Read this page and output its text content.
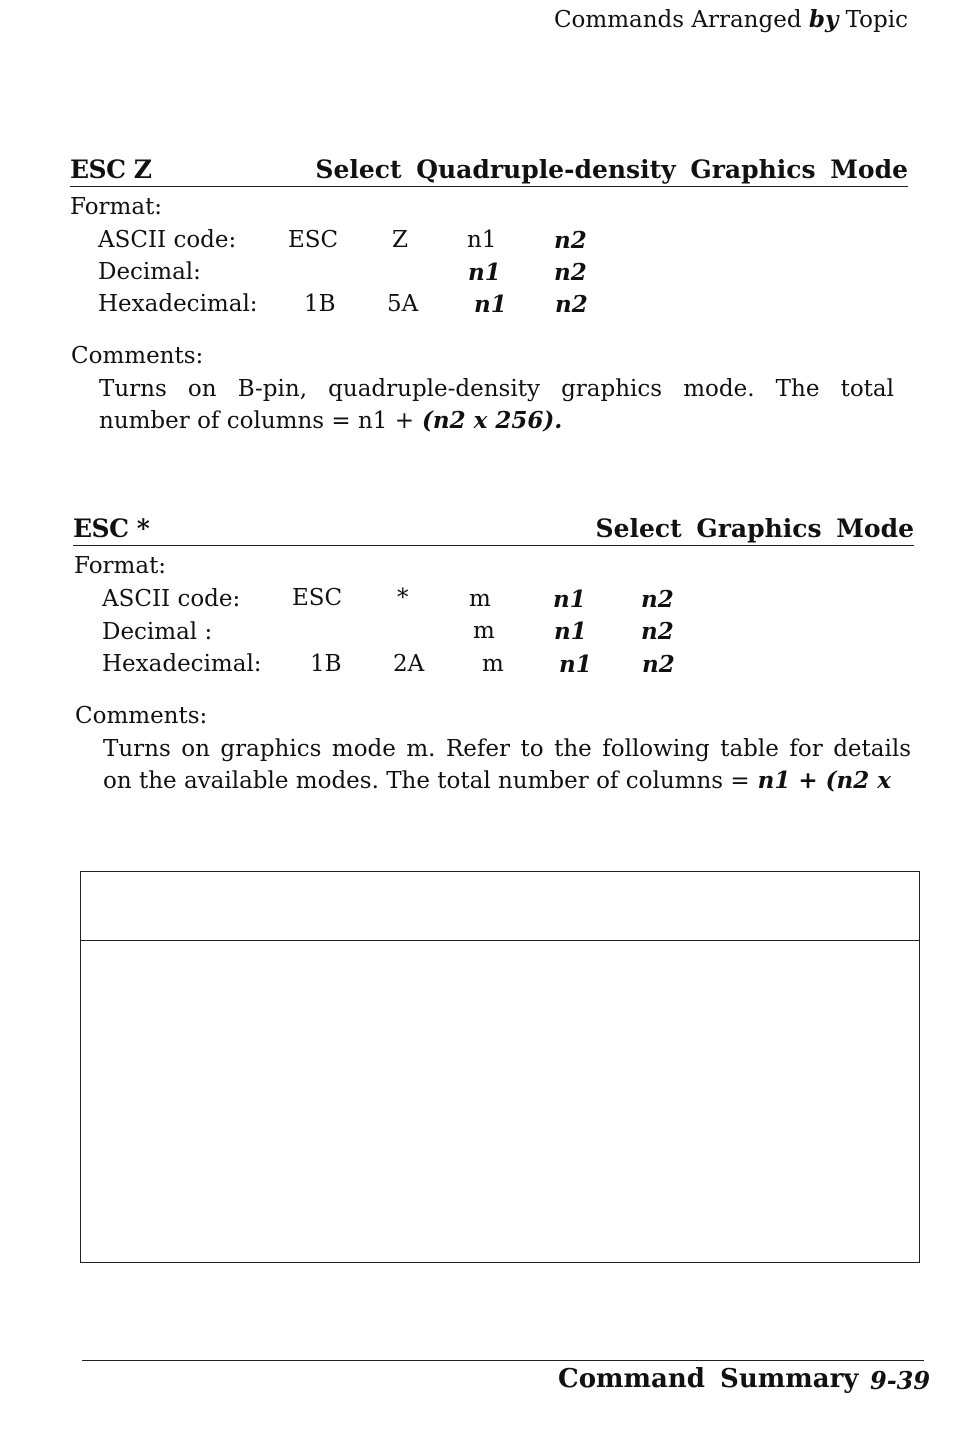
Commands Arranged by Topic
ESC Z	Select Quadruple-density Graphics Mode
Format:
ASCII code: ESC Z	n1	n2
Decimal:	n1 n2
Hexadecimal: 1B 5A n1 n2
Comments:
Turns on B-pin, quadruple-density graphics mode. The total number of columns = n1 + (n2 x 256).
ESC *	Select Graphics Mode
Format:
ASCII code: ESC *	m	n1 n2
Decimal :	m	n1 n2
Hexadecimal: 1B 2A	m n1 n2
Comments:
Turns on graphics mode m. Refer to the following table for details on the available modes. The total number of columns = n1 + (n2 x
Command Summary 9-39
